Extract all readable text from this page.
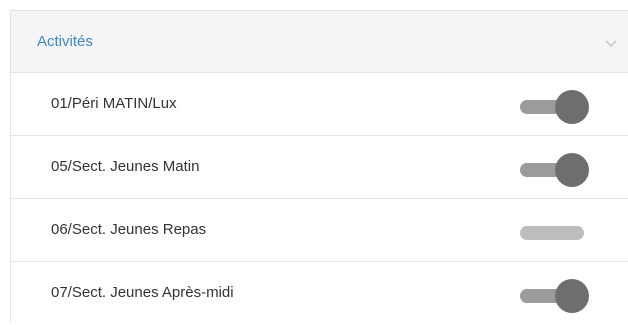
Activités
01/Péri MATIN/Lux
05/Sect. Jeunes Matin
06/Sect. Jeunes Repas
07/Sect. Jeunes Après-midi
